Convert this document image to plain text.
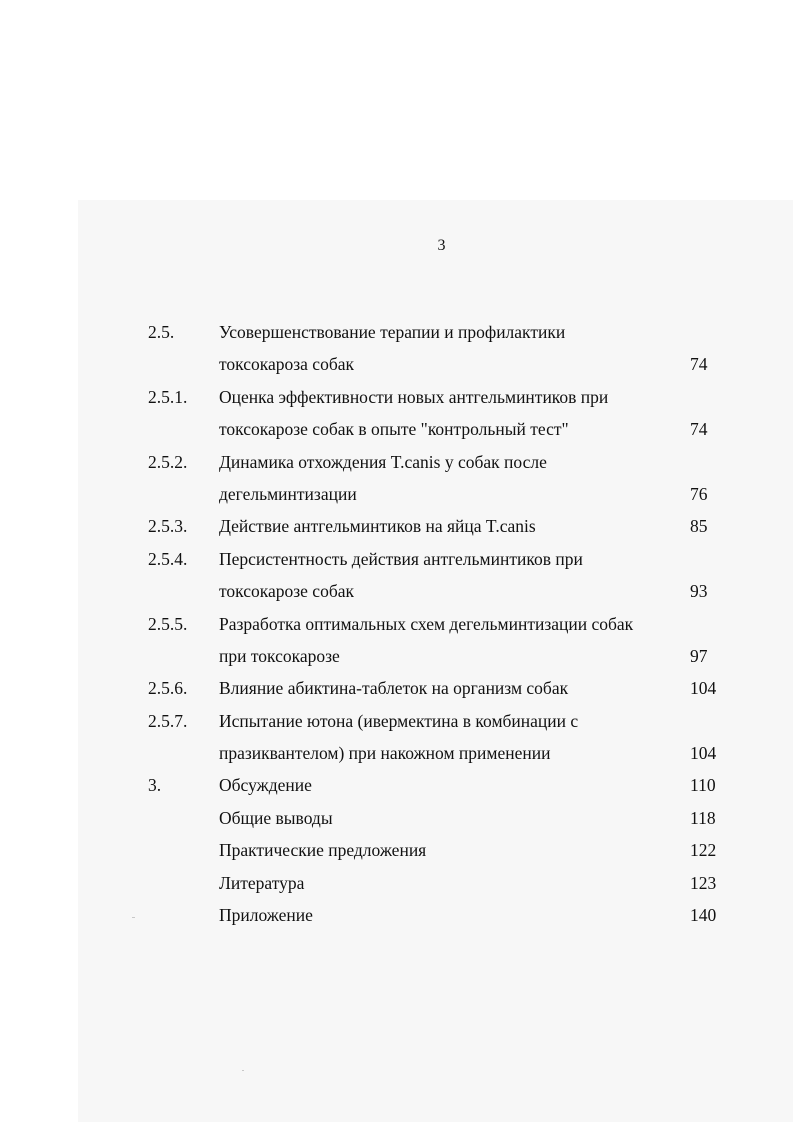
3
2.5.	Усовершенствование терапии и профилактики
токсокароза собак	74
2.5.1. Оценка эффективности новых антгельминтиков при
токсокарозе собак в опыте "контрольный тест"	74
2.5.2. Динамика отхождения T.canis у собак после
дегельминтизации	76
2.5.3. Действие антгельминтиков на яйца T.canis	85
2.5.4. Персистентность действия антгельминтиков при
токсокарозе собак	93
2.5.5. Разработка оптимальных схем дегельминтизации собак
при токсокарозе	97
2.5.6. Влияние абиктина-таблеток на организм собак	104
2.5.7. Испытание ютона (ивермектина в комбинации с
празиквантелом) при накожном применении	104
3.	Обсуждение	110
Общие выводы	118
Практические предложения	122
Литература	123
Приложение	140
